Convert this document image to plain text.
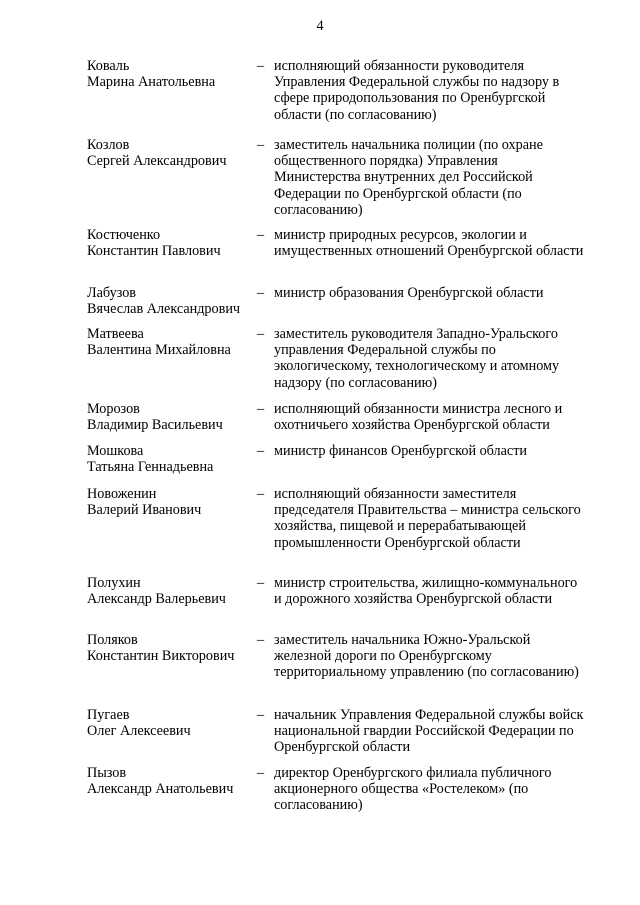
4
Коваль
Марина Анатольевна
– исполняющий обязанности руководителя Управления Федеральной службы по надзору в сфере природопользования по Оренбургской области (по согласованию)
Козлов
Сергей Александрович
– заместитель начальника полиции (по охране общественного порядка) Управления Министерства внутренних дел Российской Федерации по Оренбургской области (по согласованию)
Костюченко
Константин Павлович
– министр природных ресурсов, экологии и имущественных отношений Оренбургской области
Лабузов
Вячеслав Александрович
– министр образования Оренбургской области
Матвеева
Валентина Михайловна
– заместитель руководителя Западно-Уральского управления Федеральной службы по экологическому, технологическому и атомному надзору (по согласованию)
Морозов
Владимир Васильевич
– исполняющий обязанности министра лесного и охотничьего хозяйства Оренбургской области
Мошкова
Татьяна Геннадьевна
– министр финансов Оренбургской области
Новоженин
Валерий Иванович
– исполняющий обязанности заместителя председателя Правительства – министра сельского хозяйства, пищевой и перерабатывающей промышленности Оренбургской области
Полухин
Александр Валерьевич
– министр строительства, жилищно-коммунального и дорожного хозяйства Оренбургской области
Поляков
Константин Викторович
– заместитель начальника Южно-Уральской железной дороги по Оренбургскому территориальному управлению (по согласованию)
Пугаев
Олег Алексеевич
– начальник Управления Федеральной службы войск национальной гвардии Российской Федерации по Оренбургской области
Пызов
Александр Анатольевич
– директор Оренбургского филиала публичного акционерного общества «Ростелеком» (по согласованию)
